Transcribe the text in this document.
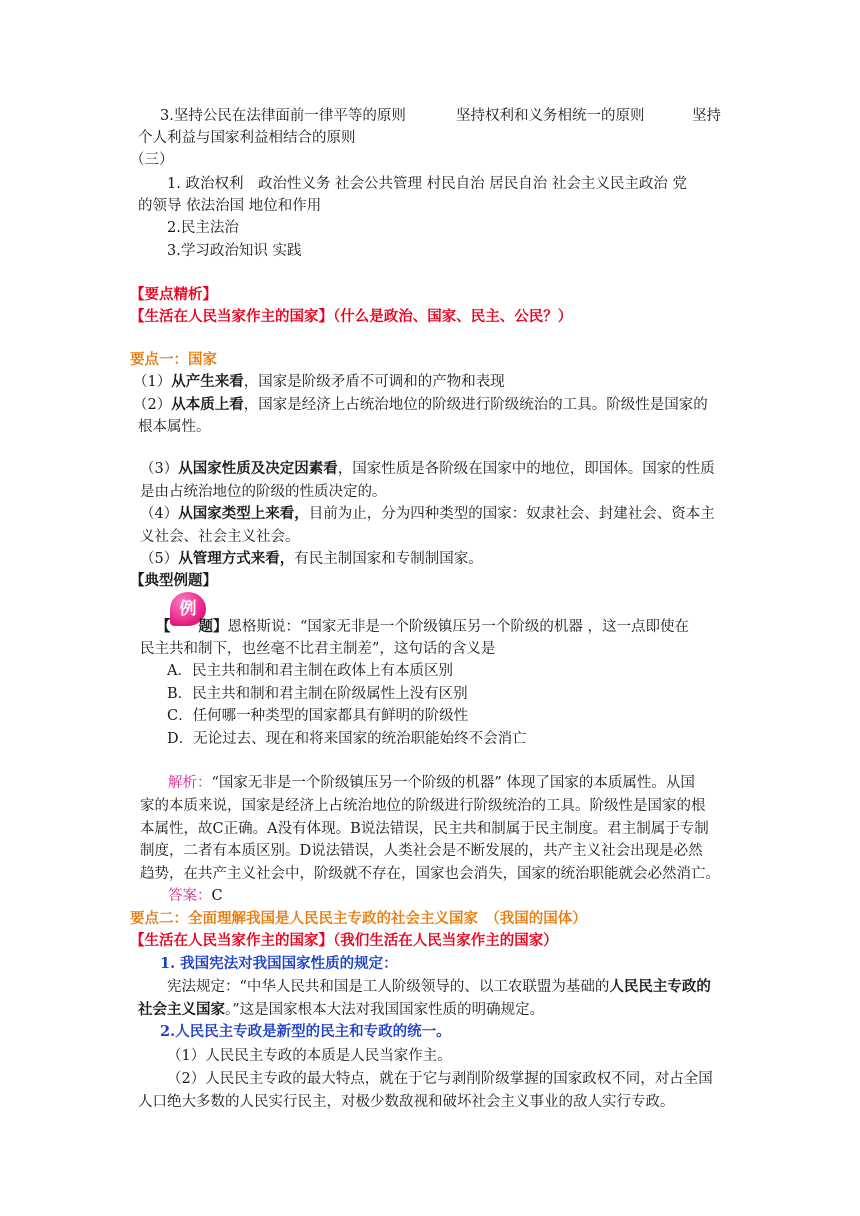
3.坚持公民在法律面前一律平等的原则	坚持权利和义务相统一的原则	坚持
个人利益与国家利益相结合的原则
（三）
1. 政治权利　政治性义务 社会公共管理 村民自治 居民自治 社会主义民主政治 党
的领导 依法治国 地位和作用
2.民主法治
3.学习政治知识 实践
【要点精析】
【生活在人民当家作主的国家】（什么是政治、国家、民主、公民？）
要点一：国家
（1）从产生来看，国家是阶级矛盾不可调和的产物和表现
（2）从本质上看，国家是经济上占统治地位的阶级进行阶级统治的工具。阶级性是国家的
根本属性。
（3）从国家性质及决定因素看，国家性质是各阶级在国家中的地位，即国体。国家的性质
是由占统治地位的阶级的性质决定的。
（4）从国家类型上来看，目前为止，分为四种类型的国家：奴隶社会、封建社会、资本主
义社会、社会主义社会。
（5）从管理方式来看，有民主制国家和专制制国家。
【典型例题】
例
【 题】恩格斯说：“国家无非是一个阶级镇压另一个阶级的机器 ，这一点即使在
民主共和制下，也丝毫不比君主制差”，这句话的含义是
A．民主共和制和君主制在政体上有本质区别
B．民主共和制和君主制在阶级属性上没有区别
C．任何哪一种类型的国家都具有鲜明的阶级性
D．无论过去、现在和将来国家的统治职能始终不会消亡
解析：“国家无非是一个阶级镇压另一个阶级的机器” 体现了国家的本质属性。从国
家的本质来说，国家是经济上占统治地位的阶级进行阶级统治的工具。阶级性是国家的根
本属性，故C正确。A没有体现。B说法错误，民主共和制属于民主制度。君主制属于专制
制度，二者有本质区别。D说法错误，人类社会是不断发展的，共产主义社会出现是必然
趋势，在共产主义社会中，阶级就不存在，国家也会消失，国家的统治职能就会必然消亡。
答案：C
要点二：全面理解我国是人民民主专政的社会主义国家　（我国的国体）
【生活在人民当家作主的国家】（我们生活在人民当家作主的国家）
1. 我国宪法对我国国家性质的规定：
宪法规定：“中华人民共和国是工人阶级领导的、以工农联盟为基础的人民民主专政的
社会主义国家。”这是国家根本大法对我国国家性质的明确规定。
2.人民民主专政是新型的民主和专政的统一。
（1）人民民主专政的本质是人民当家作主。
（2）人民民主专政的最大特点，就在于它与剥削阶级掌握的国家政权不同，对占全国
人口绝大多数的人民实行民主，对极少数敌视和破坏社会主义事业的敌人实行专政。
